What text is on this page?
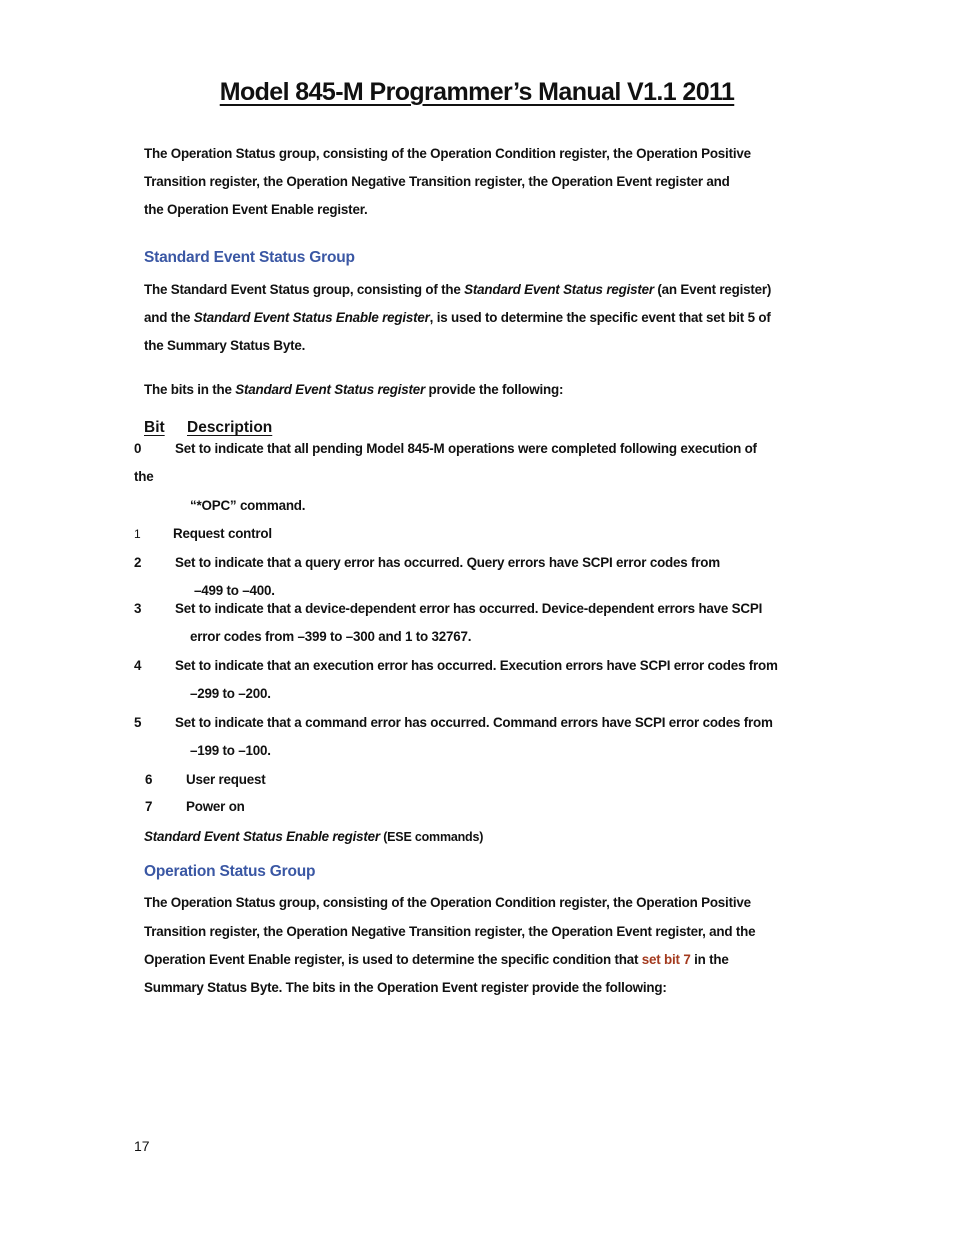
Model 845-M Programmer’s Manual V1.1 2011
The Operation Status group, consisting of the Operation Condition register, the Operation Positive
Transition register, the Operation Negative Transition register, the Operation Event register and
the Operation Event Enable register.
Standard Event Status Group
The Standard Event Status group, consisting of the Standard Event Status register (an Event register)
and the Standard Event Status Enable register, is used to determine the specific event that set bit 5 of
the Summary Status Byte.
The bits in the Standard Event Status register provide the following:
Bit Description
0	Set to indicate that all pending Model 845-M operations were completed following execution of
the
“*OPC” command.
1 Request control
2	Set to indicate that a query error has occurred. Query errors have SCPI error codes from
–499 to –400.
3	Set to indicate that a device-dependent error has occurred. Device-dependent errors have SCPI
error codes from –399 to –300 and 1 to 32767.
4	Set to indicate that an execution error has occurred. Execution errors have SCPI error codes from
–299 to –200.
5	Set to indicate that a command error has occurred. Command errors have SCPI error codes from
–199 to –100.
6	User request
7	Power on
Standard Event Status Enable register (ESE commands)
Operation Status Group
The Operation Status group, consisting of the Operation Condition register, the Operation Positive
Transition register, the Operation Negative Transition register, the Operation Event register, and the
Operation Event Enable register, is used to determine the specific condition that set bit 7 in the
Summary Status Byte. The bits in the Operation Event register provide the following:
17
